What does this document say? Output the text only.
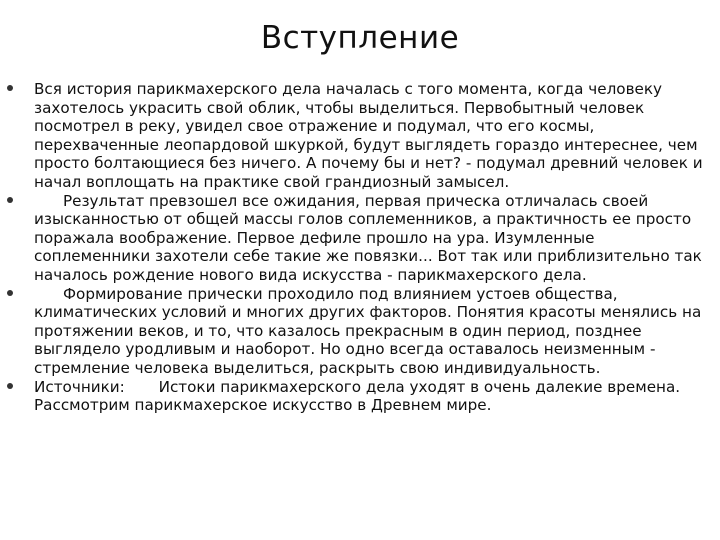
Вступление
Вся история парикмахерского дела началась с того момента, когда человеку захотелось украсить свой облик, чтобы выделиться. Первобытный человек посмотрел в реку, увидел свое отражение и подумал, что его космы, перехваченные леопардовой шкуркой, будут выглядеть гораздо интереснее, чем просто болтающиеся без ничего. А почему бы и нет? - подумал древний человек и начал воплощать на практике свой грандиозный замысел.
Результат превзошел все ожидания, первая прическа отличалась своей изысканностью от общей массы голов соплеменников, а практичность ее просто поражала воображение. Первое дефиле прошло на ура. Изумленные соплеменники захотели себе такие же повязки... Вот так или приблизительно так началось рождение нового вида искусства - парикмахерского дела.
Формирование прически проходило под влиянием устоев общества, климатических условий и многих других факторов. Понятия красоты менялись на протяжении веков, и то, что казалось прекрасным в один период, позднее выглядело уродливым и наоборот. Но одно всегда оставалось неизменным - стремление человека выделиться, раскрыть свою индивидуальность.
Источники:       Истоки парикмахерского дела уходят в очень далекие времена. Рассмотрим парикмахерское искусство в Древнем мире.
